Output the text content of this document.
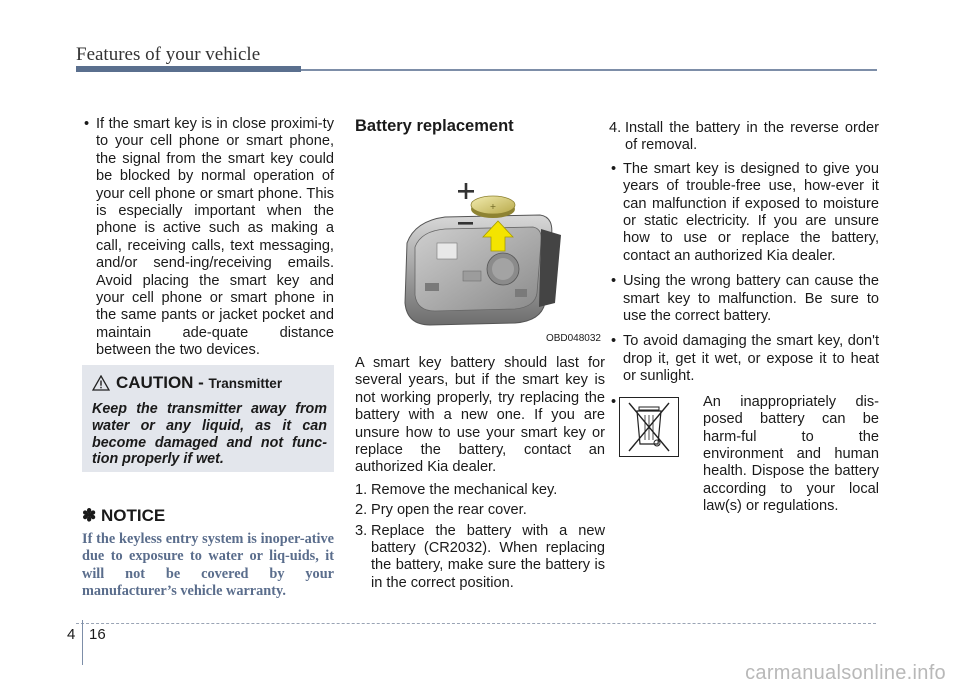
Features of your vehicle
• If the smart key is in close proximi-ty to your cell phone or smart phone, the signal from the smart key could be blocked by normal operation of your cell phone or smart phone. This is especially important when the phone is active such as making a call, receiving calls, text messaging, and/or send-ing/receiving emails. Avoid placing the smart key and your cell phone or smart phone in the same pants or jacket pocket and maintain ade-quate distance between the two devices.
CAUTION - Transmitter
Keep the transmitter away from water or any liquid, as it can become damaged and not func-tion properly if wet.
✽ NOTICE
If the keyless entry system is inoper-ative due to exposure to water or liq-uids, it will not be covered by your manufacturer’s vehicle warranty.
Battery replacement
+
OBD048032

A smart key battery should last for several years, but if the smart key is not working properly, try replacing the battery with a new one. If you are unsure how to use your smart key or replace the battery, contact an authorized Kia dealer.

1. Remove the mechanical key.
2. Pry open the rear cover.
3. Replace the battery with a new battery (CR2032). When replacing the battery, make sure the battery is in the correct position.
4. Install the battery in the reverse order of removal.
• The smart key is designed to give you years of trouble-free use, how-ever it can malfunction if exposed to moisture or static electricity. If you are unsure how to use or replace the battery, contact an authorized Kia dealer.
• Using the wrong battery can cause the smart key to malfunction. Be sure to use the correct battery.
• To avoid damaging the smart key, don't drop it, get it wet, or expose it to heat or sunlight.
•	An inappropriately dis-posed battery can be harm-ful to the environment and human health. Dispose the battery according to your local law(s) or regulations.
4 16
carmanualsonline.info
